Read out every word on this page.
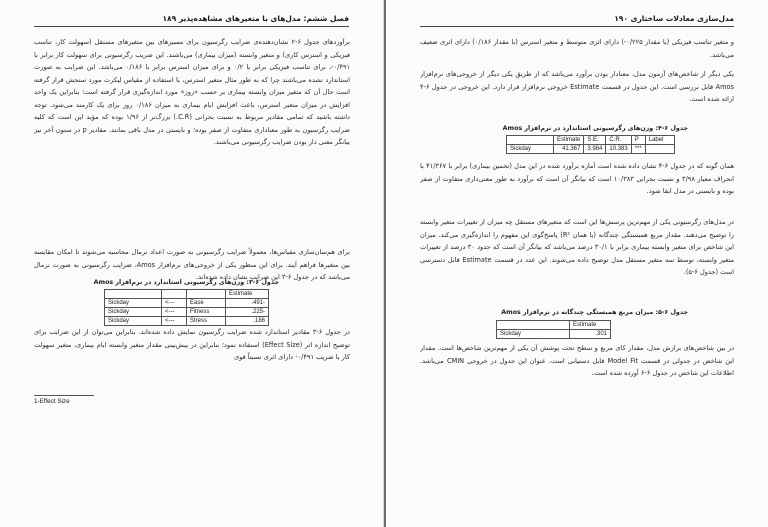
فصل ششم: مدل‌های با متغیرهای مشاهده‌پذیر ۱۸۹

برآوردهای جدول ۶-۲ نشان‌دهنده‌ی ضرایب رگرسیون برای مسیرهای بین متغیرهای مستقل (سهولت کار، تناسب فیزیکی و استرس کاری) و متغیر وابسته (میزان بیماری) می‌باشند. این ضریب رگرسیونی برای سهولت کار برابر با ۰/۴۹۱-، برای تناسب فیزیکی برابر با ۰/۲ و برای میزان استرس برابر با ۰/۱۸۶ می‌باشد. این ضرایب به صورت استاندارد نشده می‌باشند چرا که به طور مثال متغیر استرس، با استفاده از مقیاس لیکرت مورد سنجش قرار گرفته است حال آن که متغیر میزان وابسته بیماری بر حسب «روز» مورد اندازه‌گیری قرار گرفته است؛ بنابراین یک واحد افزایش در میزان متغیر استرس، باعث افزایش ایام بیماری به میزان ۰/۱۸۶ روز برای یک کارمند می‌شود. توجه داشته باشید که تمامی مقادیر مربوط به نسبت بحرانی (C.R.) بزرگ‌تر از ۱/۹۶ بوده که مؤید این است که کلیه ضرایب رگرسیون به طور معناداری متفاوت از صفر بوده؛ و بایستی در مدل باقی بمانند. مقادیر p در ستون آخر نیز بیانگر معنی دار بودن ضرایب رگرسیونی می‌باشند.

برای هم‌سان‌سازی مقیاس‌ها، معمولاً ضرایب رگرسیونی به صورت اعداد نرمال محاسبه می‌شوند تا امکان مقایسه بین متغیرها فراهم آیند. برای این منظور یکی از خروجی‌های نرم‌افزار Amos، ضرایب رگرسیونی به صورت نرمال می‌باشد که در جدول ۶-۳ این ضرایب نشان داده شده‌اند.

جدول ۶-۳: وزن‌های رگرسیونی استاندارد در نرم‌افزار Amos
			Estimate
Sickday	<---	Ease	.491-
Sickday	<---	Fitness	.225-
Sickday	<---	Stress	.186

در جدول ۶-۳ مقادیر استاندارد شده ضرایب رگرسیون نمایش داده شده‌اند. بنابراین می‌توان از این ضرایب برای توضیح اندازه اثر (Effect Size) استفاده نمود؛ بنابراین در پیش‌بینی مقدار متغیر وابسته ایام بیماری، متغیر سهولت کار با ضریب ۰/۴۹۱- دارای اثری نسبتاً قوی

1-Effect Size
۱۹۰ مدل‌سازی معادلات ساختاری

و متغیر تناسب فیزیکی (با مقدار ۰/۲۲۵-) دارای اثری متوسط و متغیر استرس (با مقدار ۰/۱۸۶) دارای اثری ضعیف می‌باشد.

یکی دیگر از شاخص‌های آزمون مدل، معنادار بودن برآورد می‌باشد که از طریق یکی دیگر از خروجی‌های نرم‌افزار Amos قابل بررسی است. این جدول در قسمت Estimate خروجی نرم‌افزار قرار دارد. این خروجی در جدول ۶-۴ ارائه شده است.

جدول ۶-۴: وزن‌های رگرسیونی استاندارد در نرم‌افزار Amos
	Estimate	S.E.	C.R.	P	Label
Sickday	41.367	3.984	10.383	***	

همان گونه که در جدول ۶-۴ نشان داده شده است آماره برآورد شده در این مدل (تخمین بیماری) برابر با ۴۱/۳۶۷ با انحراف معیار ۳/۹۸ و نسبت بحرانی ۱۰/۳۸۳ است که بیانگر آن است که برآورد به طور معنی‌داری متفاوت از صفر بوده و بایستی در مدل ابقا شود.

در مدل‌های رگرسیونی یکی از مهم‌ترین پرسش‌ها این است که متغیرهای مستقل چه میزان از تغییرات متغیر وابسته را توضیح می‌دهند. مقدار مربع همبستگی چندگانه (یا همان R²) پاسخ‌گوی این مفهوم را اندازه‌گیری می‌کند. میزان این شاخص برای متغیر وابسته بیماری برابر با ۳۰/۱ درصد می‌باشد که بیانگر آن است که حدود ۳۰ درصد از تغییرات متغیر وابسته، توسط سه متغیر مستقل مدل توضیح داده می‌شوند. این عدد در قسمت Estimate قابل دسترسی است (جدول ۶-۵).

جدول ۶-۵: میزان مربع همبستگی چندگانه در نرم‌افزار Amos
	Estimate
Sickday	.301

در بین شاخص‌های برازش مدل، مقدار کای مربع و سطح تحت پوشش آن یکی از مهم‌ترین شاخص‌ها است. مقدار این شاخص در جدولی در قسمت Model Fit قابل دستیابی است. عنوان این جدول در خروجی CMIN می‌باشد. اطلاعات این شاخص در جدول ۶-۶ آورده شده است.
